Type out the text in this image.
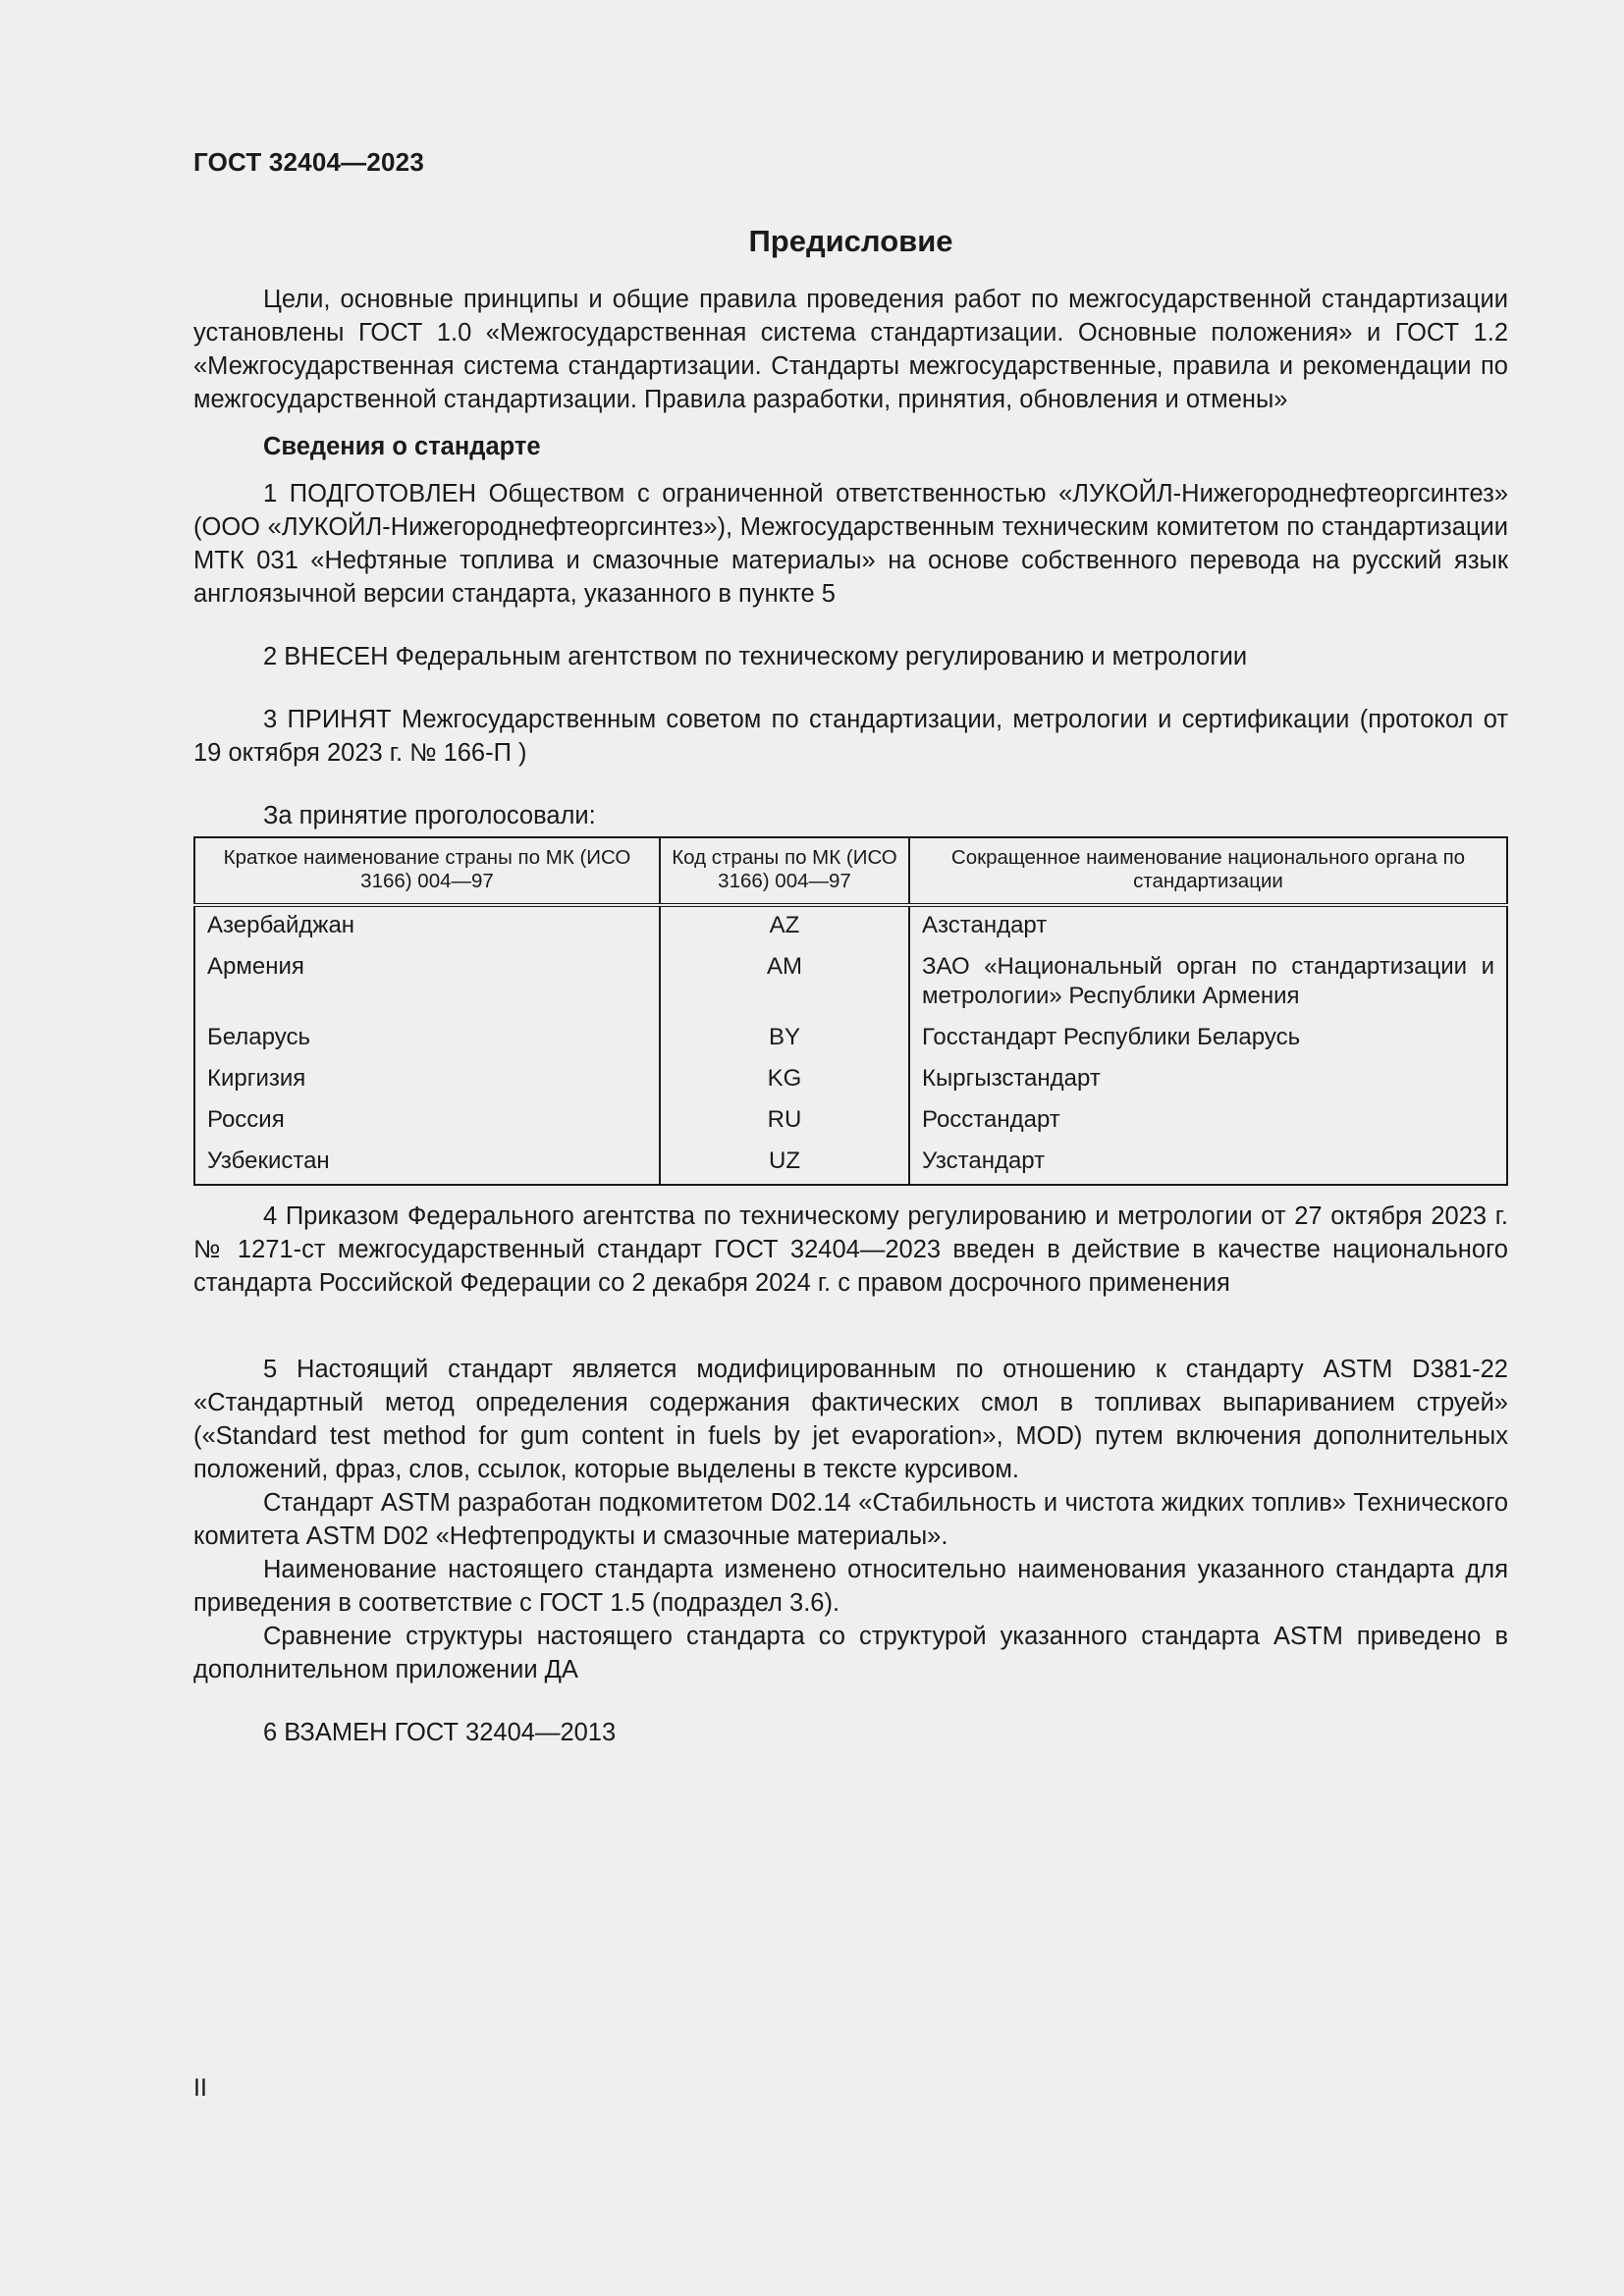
ГОСТ 32404—2023
Предисловие

Цели, основные принципы и общие правила проведения работ по межгосударственной стандартизации установлены ГОСТ 1.0 «Межгосударственная система стандартизации. Основные положения» и ГОСТ 1.2 «Межгосударственная система стандартизации. Стандарты межгосударственные, правила и рекомендации по межгосударственной стандартизации. Правила разработки, принятия, обновления и отмены»

Сведения о стандарте

1 ПОДГОТОВЛЕН Обществом с ограниченной ответственностью «ЛУКОЙЛ-Нижегороднефтеоргсинтез» (ООО «ЛУКОЙЛ-Нижегороднефтеоргсинтез»), Межгосударственным техническим комитетом по стандартизации МТК 031 «Нефтяные топлива и смазочные материалы» на основе собственного перевода на русский язык англоязычной версии стандарта, указанного в пункте 5

2 ВНЕСЕН Федеральным агентством по техническому регулированию и метрологии

3 ПРИНЯТ Межгосударственным советом по стандартизации, метрологии и сертификации (протокол от 19 октября 2023 г. № 166-П )

За принятие проголосовали:

Краткое наименование страны по МК (ИСО 3166) 004—97	Код страны по МК (ИСО 3166) 004—97	Сокращенное наименование национального органа по стандартизации
Азербайджан	AZ	Азстандарт
Армения	AM	ЗАО «Национальный орган по стандартизации и метрологии» Республики Армения
Беларусь	BY	Госстандарт Республики Беларусь
Киргизия	KG	Кыргызстандарт
Россия	RU	Росстандарт
Узбекистан	UZ	Узстандарт

4 Приказом Федерального агентства по техническому регулированию и метрологии от 27 октября 2023 г. № 1271-ст межгосударственный стандарт ГОСТ 32404—2023 введен в действие в качестве национального стандарта Российской Федерации со 2 декабря 2024 г. с правом досрочного применения

5 Настоящий стандарт является модифицированным по отношению к стандарту ASTM D381-22 «Стандартный метод определения содержания фактических смол в топливах выпариванием струей» («Standard test method for gum content in fuels by jet evaporation», MOD) путем включения дополнительных положений, фраз, слов, ссылок, которые выделены в тексте курсивом.

Стандарт ASTM разработан подкомитетом D02.14 «Стабильность и чистота жидких топлив» Технического комитета ASTM D02 «Нефтепродукты и смазочные материалы».

Наименование настоящего стандарта изменено относительно наименования указанного стандарта для приведения в соответствие с ГОСТ 1.5 (подраздел 3.6).

Сравнение структуры настоящего стандарта со структурой указанного стандарта ASTM приведено в дополнительном приложении ДА

6 ВЗАМЕН ГОСТ 32404—2013

II
